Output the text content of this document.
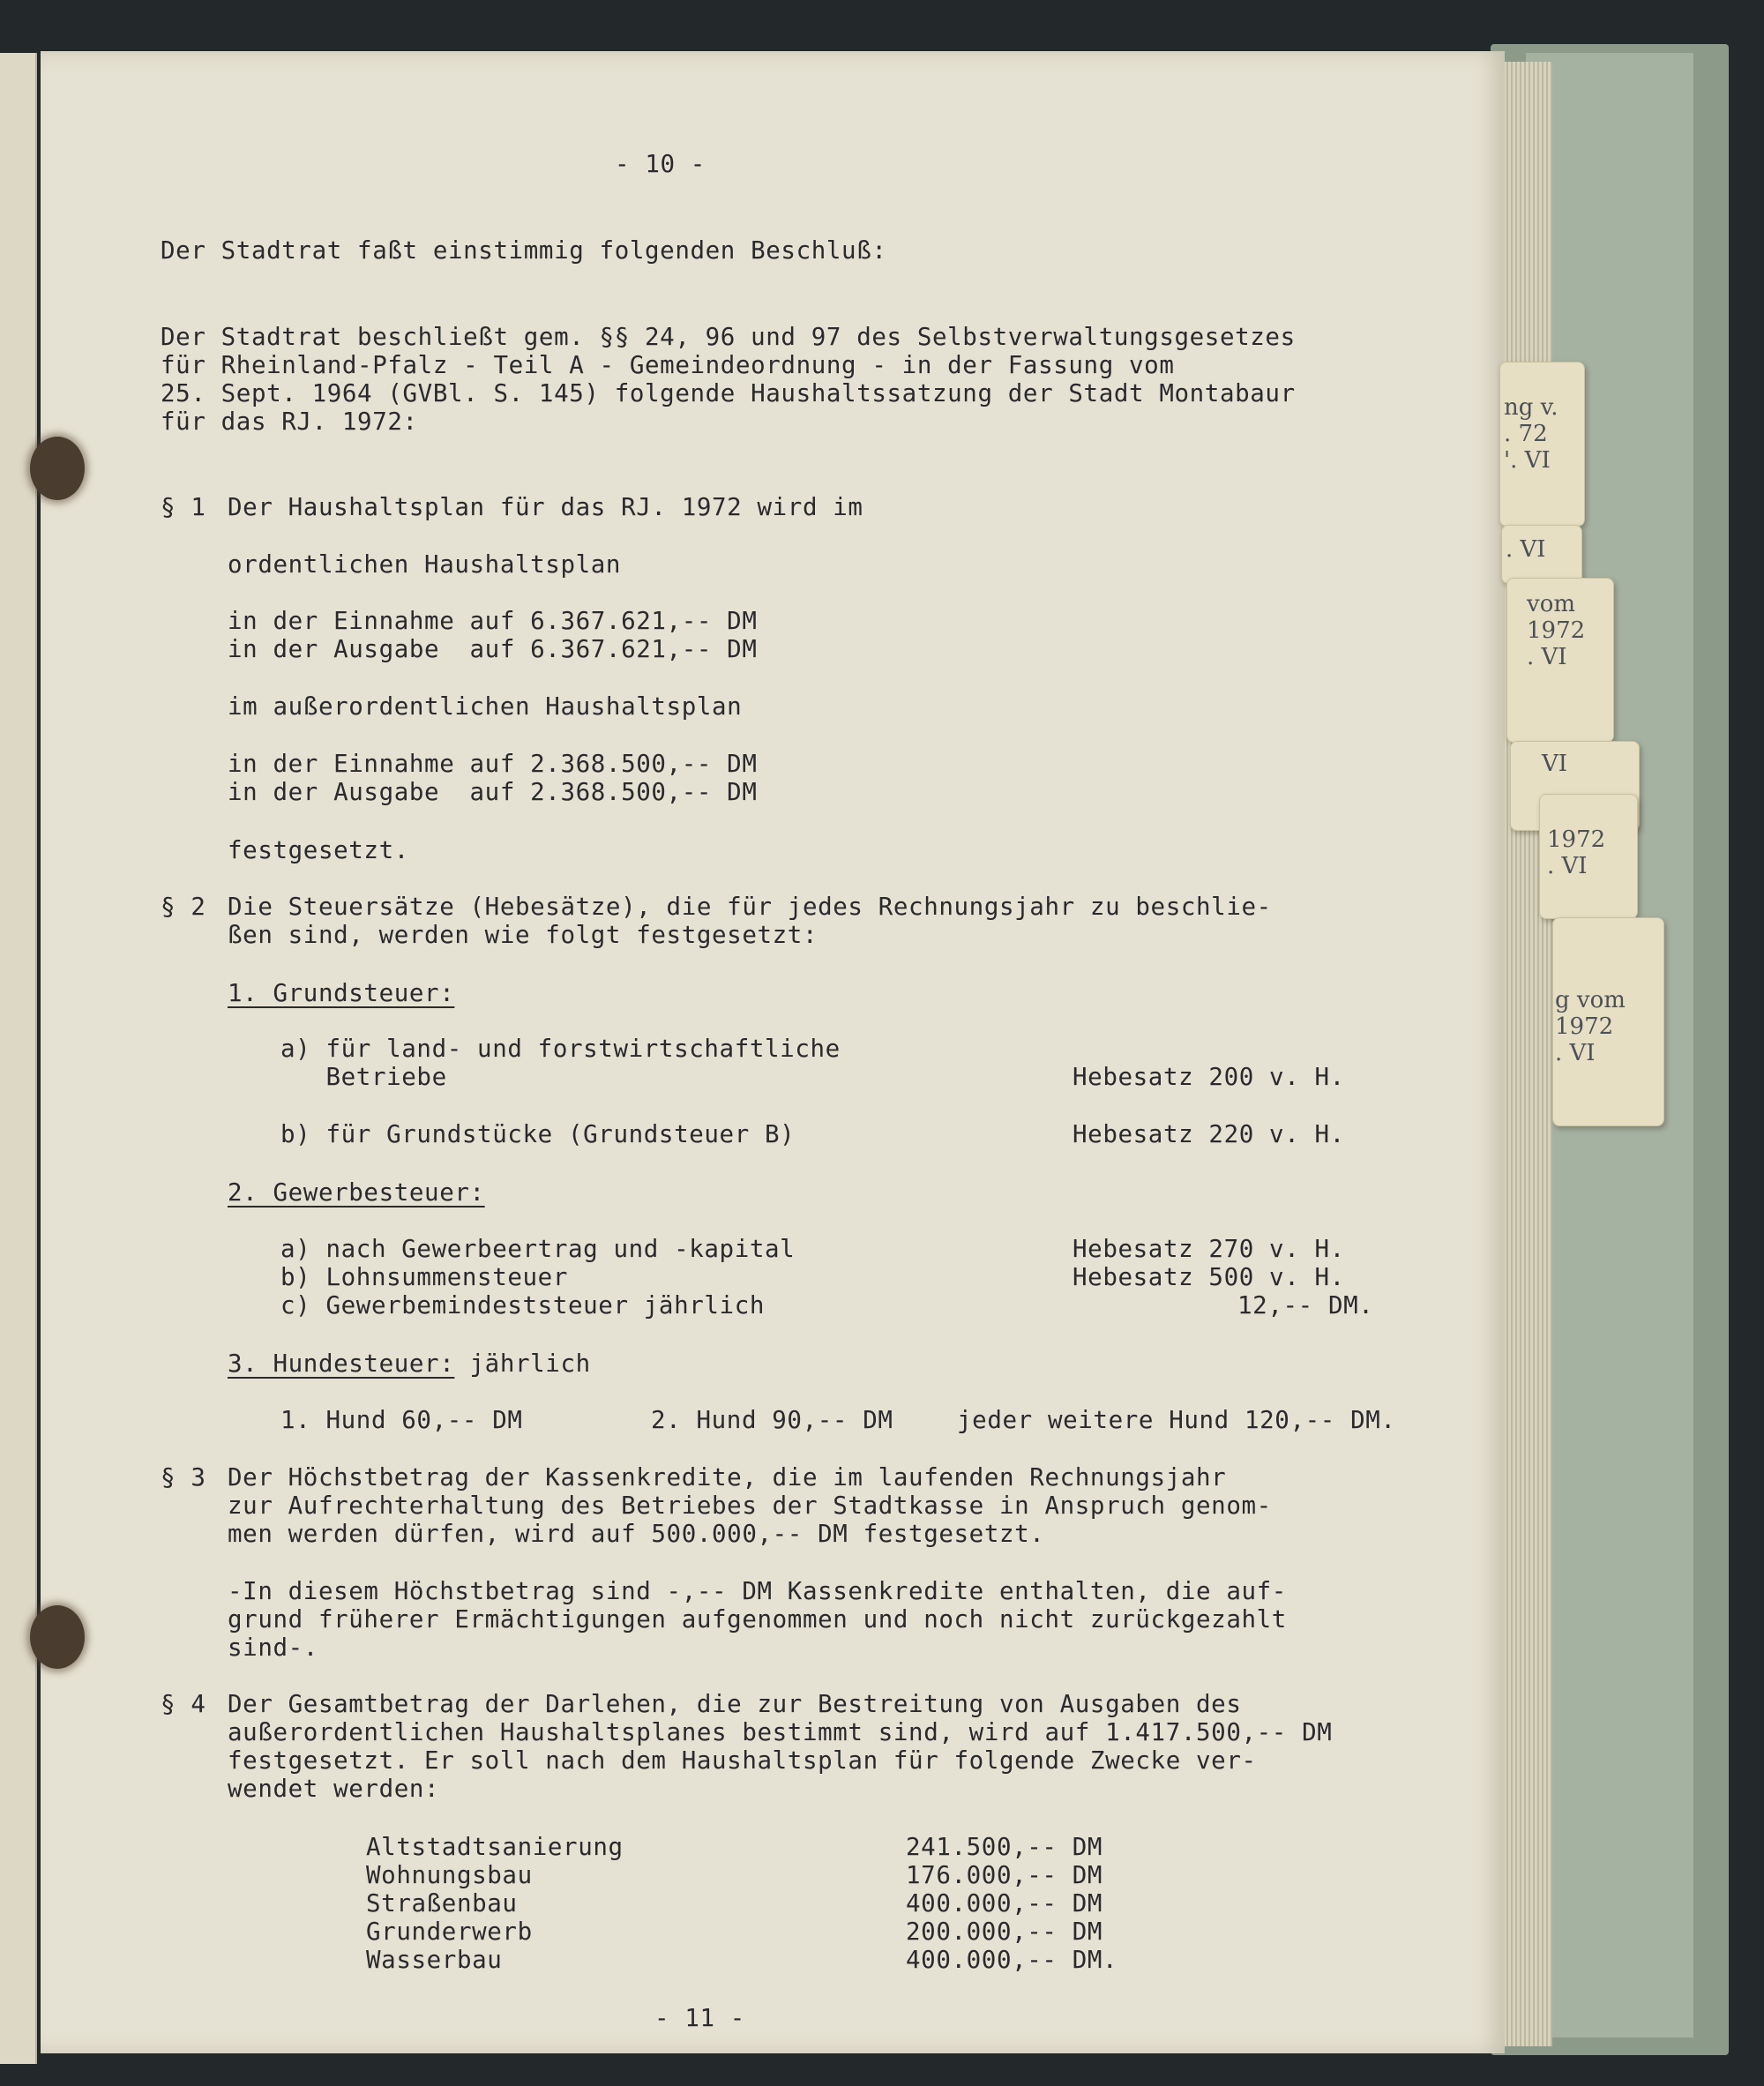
ng v.
. 72
'. VI
. VI
vom
1972
. VI
VI
1972
. VI
g vom
1972
. VI
- 10 -
Der Stadtrat faßt einstimmig folgenden Beschluß:
Der Stadtrat beschließt gem. §§ 24, 96 und 97 des Selbstverwaltungsgesetzes
für Rheinland-Pfalz - Teil A - Gemeindeordnung - in der Fassung vom
25. Sept. 1964 (GVBl. S. 145) folgende Haushaltssatzung der Stadt Montabaur
für das RJ. 1972:
§ 1 Der Haushaltsplan für das RJ. 1972 wird im
ordentlichen Haushaltsplan
in der Einnahme auf 6.367.621,-- DM
in der Ausgabe  auf 6.367.621,-- DM
im außerordentlichen Haushaltsplan
in der Einnahme auf 2.368.500,-- DM
in der Ausgabe  auf 2.368.500,-- DM
festgesetzt.
§ 2 Die Steuersätze (Hebesätze), die für jedes Rechnungsjahr zu beschlie-
ßen sind, werden wie folgt festgesetzt:
1. Grundsteuer:
a) für land- und forstwirtschaftliche
Betriebe	Hebesatz 200 v. H.
b) für Grundstücke (Grundsteuer B)	Hebesatz 220 v. H.
2. Gewerbesteuer:
a) nach Gewerbeertrag und -kapital	Hebesatz 270 v. H.
b) Lohnsummensteuer	Hebesatz 500 v. H.
c) Gewerbemindeststeuer jährlich	12,-- DM.
3. Hundesteuer: jährlich
1. Hund 60,-- DM	2. Hund 90,-- DM	jeder weitere Hund 120,-- DM.
§ 3 Der Höchstbetrag der Kassenkredite, die im laufenden Rechnungsjahr
zur Aufrechterhaltung des Betriebes der Stadtkasse in Anspruch genom-
men werden dürfen, wird auf 500.000,-- DM festgesetzt.
-In diesem Höchstbetrag sind -,-- DM Kassenkredite enthalten, die auf-
grund früherer Ermächtigungen aufgenommen und noch nicht zurückgezahlt
sind-.
§ 4 Der Gesamtbetrag der Darlehen, die zur Bestreitung von Ausgaben des
außerordentlichen Haushaltsplanes bestimmt sind, wird auf 1.417.500,-- DM
festgesetzt. Er soll nach dem Haushaltsplan für folgende Zwecke ver-
wendet werden:
Altstadtsanierung	241.500,-- DM
Wohnungsbau	176.000,-- DM
Straßenbau	400.000,-- DM
Grunderwerb	200.000,-- DM
Wasserbau	400.000,-- DM.
- 11 -
